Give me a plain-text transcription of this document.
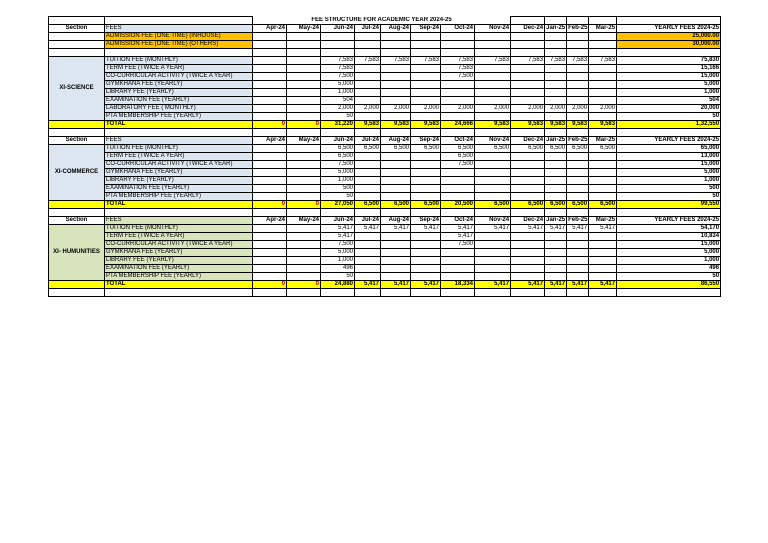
		FEE STRUCTURE FOR ACADEMIC YEAR 2024-25												
Section	FEES	Apr-24	May-24	Jun-24	Jul-24	Aug-24	Sep-24	Oct-24	Nov-24	Dec-24	Jan-25	Feb-25	Mar-25	YEARLY FEES 2024-25
	ADMISSION FEE (ONE TIME) (INHOUSE)													25,000.00
	ADMISSION FEE (ONE TIME) (OTHERS)													30,000.00

XI-SCIENCE	TUITION FEE (MONTHLY)			7,583	7,583	7,583	7,583	7,583	7,583	7,583	7,583	7,583	7,583	75,830
	TERM FEE (TWICE A YEAR)			7,583				7,583						15,166
	CO-CURRICULAR ACTIVITY (TWICE A YEAR)			7,500				7,500						15,000
	GYMKHANA FEE (YEARLY)			5,000										5,000
	LIBRARY FEE (YEARLY)			1,000										1,000
	EXAMINATION FEE (YEARLY)			504										504
	LABORATORY FEE ( MONTHLY)			2,000	2,000	2,000	2,000	2,000	2,000	2,000	2,000	2,000	2,000	20,000
	PTA MEMBERSHIP FEE (YEARLY)			50										50
	TOTAL	0	0	31,220	9,583	9,583	9,583	24,666	9,583	9,583	9,583	9,583	9,583	1,32,550

Section	FEES	Apr-24	May-24	Jun-24	Jul-24	Aug-24	Sep-24	Oct-24	Nov-24	Dec-24	Jan-25	Feb-25	Mar-25	YEARLY FEES 2024-25
XI-COMMERCE	TUITION FEE (MONTHLY)			6,500	6,500	6,500	6,500	6,500	6,500	6,500	6,500	6,500	6,500	65,000
	TERM FEE (TWICE A YEAR)			6,500				6,500						13,000
	CO-CURRICULAR ACTIVITY (TWICE A YEAR)			7,500				7,500						15,000
	GYMKHANA FEE (YEARLY)			5,000										5,000
	LIBRARY FEE (YEARLY)			1,000										1,000
	EXAMINATION FEE (YEARLY)			500										500
	PTA MEMBERSHIP FEE (YEARLY)			50										50
	TOTAL	0	0	27,050	6,500	6,500	6,500	20,500	6,500	6,500	6,500	6,500	6,500	99,550

Section	FEES	Apr-24	May-24	Jun-24	Jul-24	Aug-24	Sep-24	Oct-24	Nov-24	Dec-24	Jan-25	Feb-25	Mar-25	YEARLY FEES 2024-25
XI- HUMUNITIES	TUITION FEE (MONTHLY)			5,417	5,417	5,417	5,417	5,417	5,417	5,417	5,417	5,417	5,417	54,170
	TERM FEE (TWICE A YEAR)			5,417				5,417						10,834
	CO-CURRICULAR ACTIVITY (TWICE A YEAR)			7,500				7,500						15,000
	GYMKHANA FEE (YEARLY)			5,000										5,000
	LIBRARY FEE (YEARLY)			1,000										1,000
	EXAMINATION FEE (YEARLY)			496										496
	PTA MEMBERSHIP FEE (YEARLY)			50										50
	TOTAL	0	0	24,880	5,417	5,417	5,417	18,334	5,417	5,417	5,417	5,417	5,417	86,550
